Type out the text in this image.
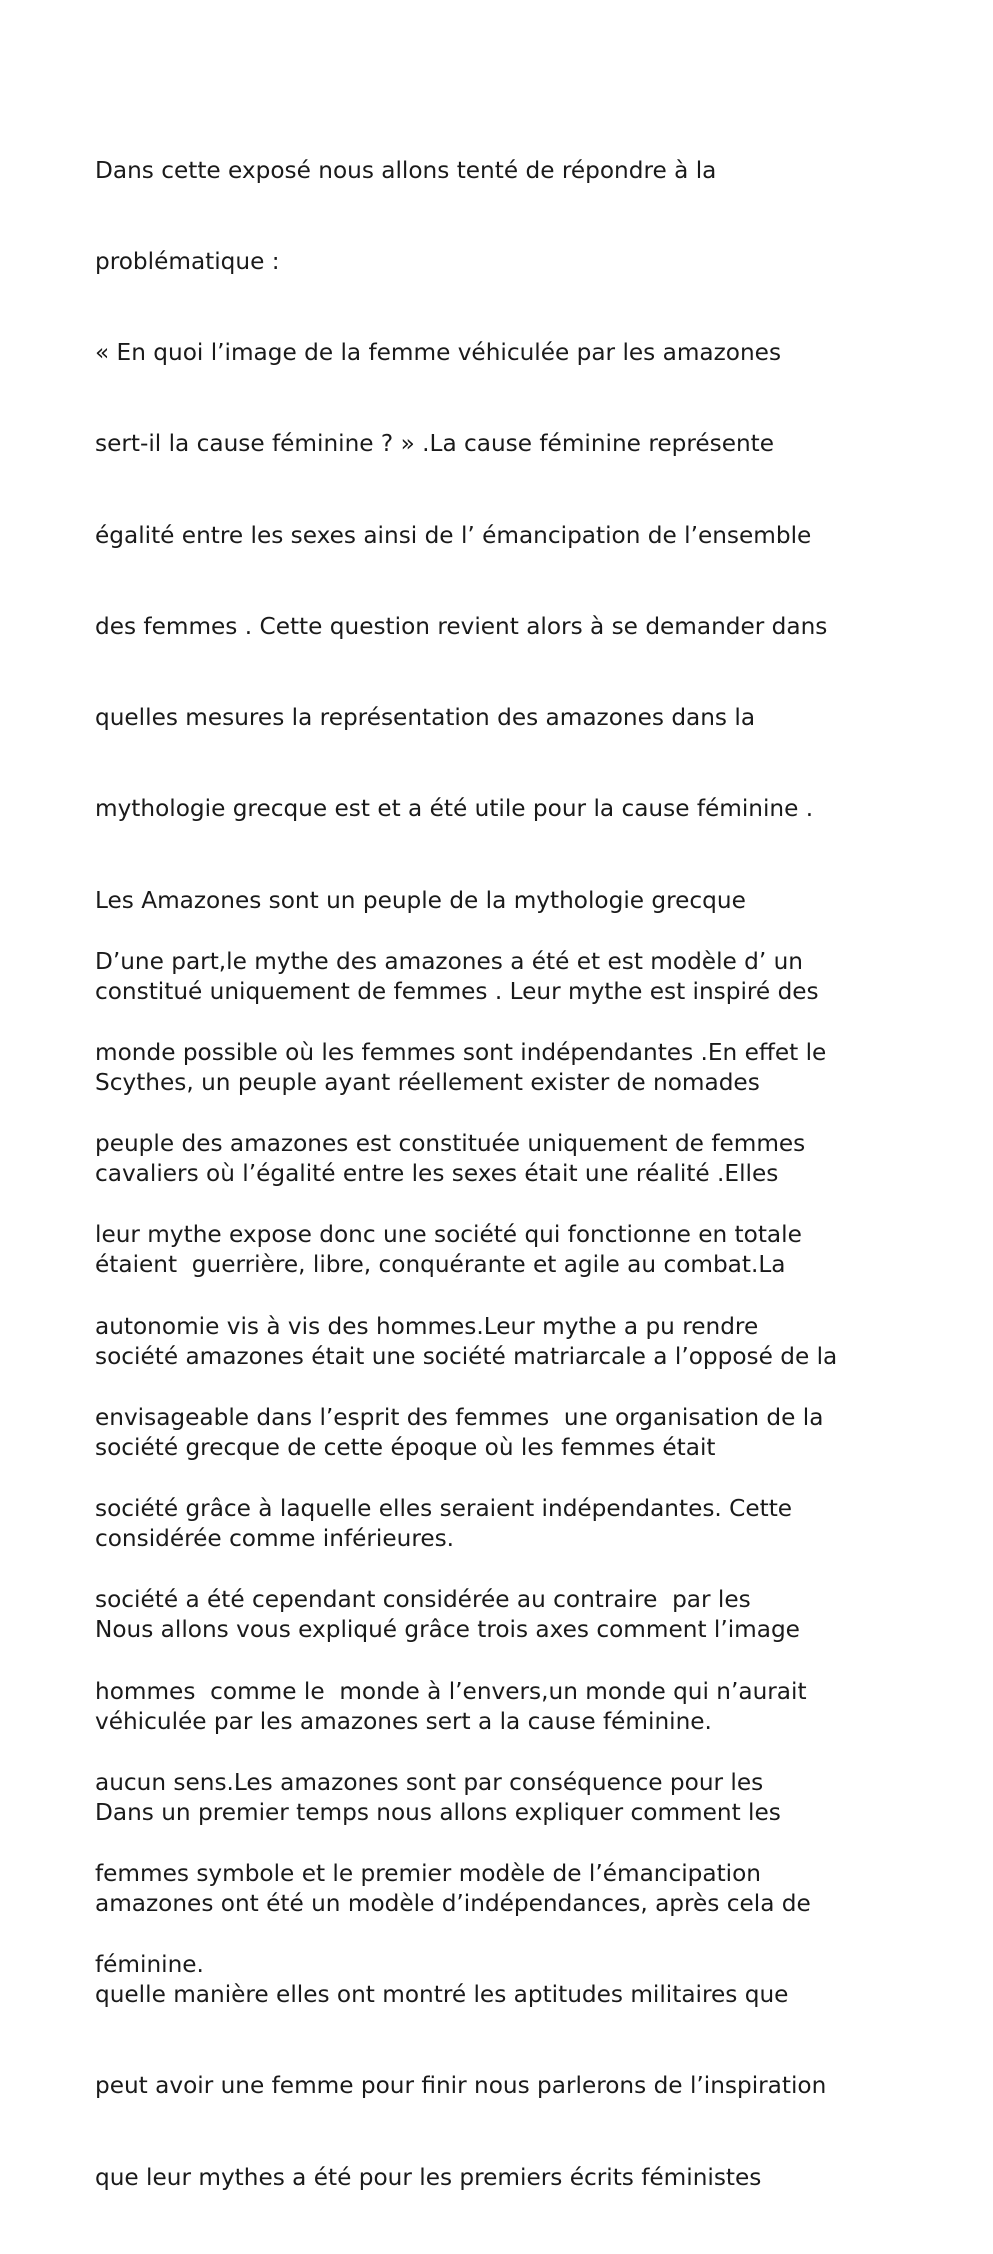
Dans cette exposé nous allons tenté de répondre à la

problématique :

« En quoi l’image de la femme véhiculée par les amazones

sert-il la cause féminine ? » .La cause féminine représente

égalité entre les sexes ainsi de l’ émancipation de l’ensemble

des femmes . Cette question revient alors à se demander dans

quelles mesures la représentation des amazones dans la

mythologie grecque est et a été utile pour la cause féminine .

Les Amazones sont un peuple de la mythologie grecque

constitué uniquement de femmes . Leur mythe est inspiré des

Scythes, un peuple ayant réellement exister de nomades

cavaliers où l’égalité entre les sexes était une réalité .Elles

étaient  guerrière, libre, conquérante et agile au combat.La

société amazones était une société matriarcale a l’opposé de la

société grecque de cette époque où les femmes était

considérée comme inférieures.

Nous allons vous expliqué grâce trois axes comment l’image

véhiculée par les amazones sert a la cause féminine.

Dans un premier temps nous allons expliquer comment les

amazones ont été un modèle d’indépendances, après cela de

quelle manière elles ont montré les aptitudes militaires que

peut avoir une femme pour finir nous parlerons de l’inspiration

que leur mythes a été pour les premiers écrits féministes

D’une part,le mythe des amazones a été et est modèle d’ un

monde possible où les femmes sont indépendantes .En effet le

peuple des amazones est constituée uniquement de femmes

leur mythe expose donc une société qui fonctionne en totale

autonomie vis à vis des hommes.Leur mythe a pu rendre

envisageable dans l’esprit des femmes  une organisation de la

société grâce à laquelle elles seraient indépendantes. Cette

société a été cependant considérée au contraire  par les

hommes  comme le  monde à l’envers,un monde qui n’aurait

aucun sens.Les amazones sont par conséquence pour les

femmes symbole et le premier modèle de l’émancipation

féminine.
